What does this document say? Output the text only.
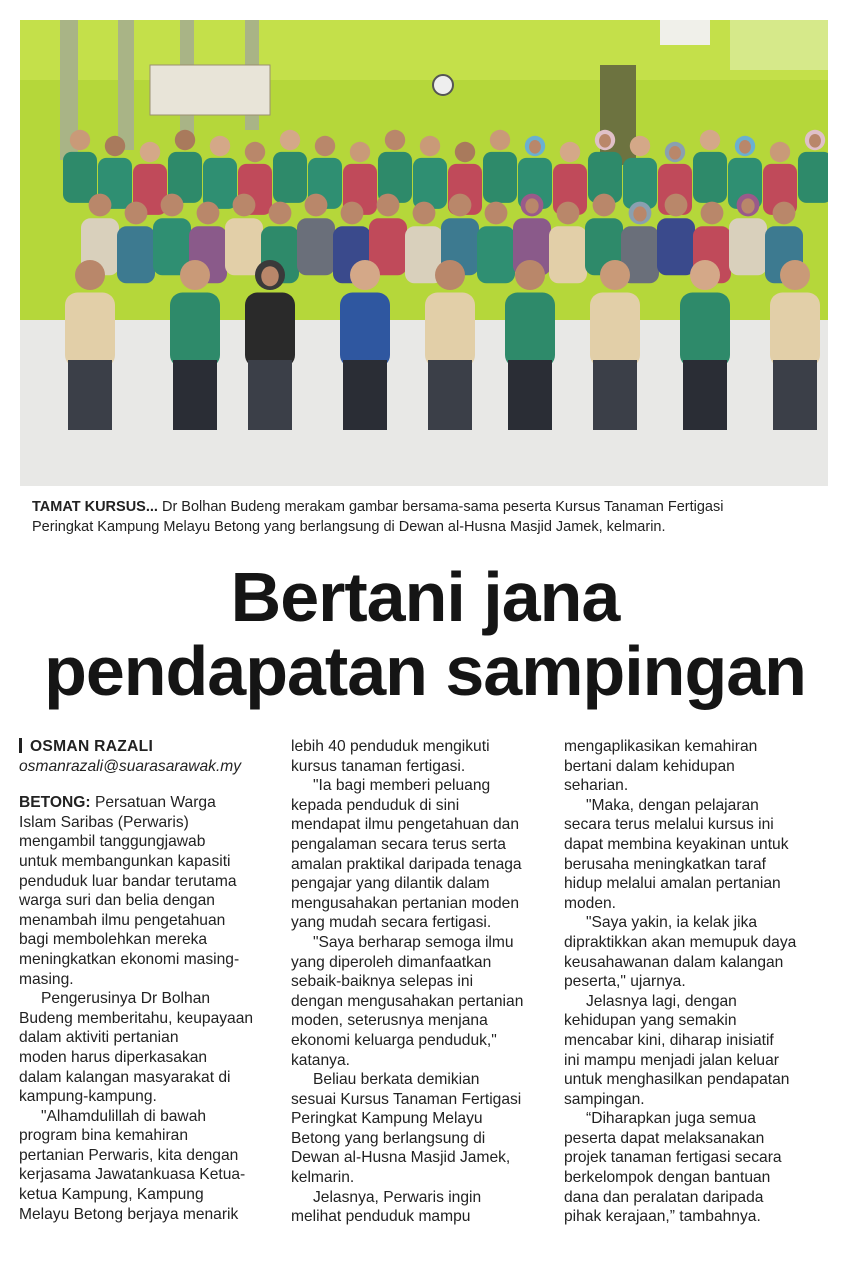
TAMAT KURSUS... Dr Bolhan Budeng merakam gambar bersama-sama peserta Kursus Tanaman Fertigasi
Peringkat Kampung Melayu Betong yang berlangsung di Dewan al-Husna Masjid Jamek, kelmarin.
Bertani jana
pendapatan sampingan
OSMAN RAZALI
osmanrazali@suarasarawak.my

BETONG: Persatuan Warga
Islam Saribas (Perwaris)
mengambil tanggungjawab
untuk membangunkan kapasiti
penduduk luar bandar terutama
warga suri dan belia dengan
menambah ilmu pengetahuan
bagi membolehkan mereka
meningkatkan ekonomi masing-
masing.

Pengerusinya Dr Bolhan
Budeng memberitahu, keupayaan
dalam aktiviti pertanian
moden harus diperkasakan
dalam kalangan masyarakat di
kampung-kampung.

"Alhamdulillah di bawah
program bina kemahiran
pertanian Perwaris, kita dengan
kerjasama Jawatankuasa Ketua-
ketua Kampung, Kampung
Melayu Betong berjaya menarik

lebih 40 penduduk mengikuti
kursus tanaman fertigasi.

"Ia bagi memberi peluang
kepada penduduk di sini
mendapat ilmu pengetahuan dan
pengalaman secara terus serta
amalan praktikal daripada tenaga
pengajar yang dilantik dalam
mengusahakan pertanian moden
yang mudah secara fertigasi.

"Saya berharap semoga ilmu
yang diperoleh dimanfaatkan
sebaik-baiknya selepas ini
dengan mengusahakan pertanian
moden, seterusnya menjana
ekonomi keluarga penduduk,"
katanya.

Beliau berkata demikian
sesuai Kursus Tanaman Fertigasi
Peringkat Kampung Melayu
Betong yang berlangsung di
Dewan al-Husna Masjid Jamek,
kelmarin.

Jelasnya, Perwaris ingin
melihat penduduk mampu

mengaplikasikan kemahiran
bertani dalam kehidupan
seharian.

"Maka, dengan pelajaran
secara terus melalui kursus ini
dapat membina keyakinan untuk
berusaha meningkatkan taraf
hidup melalui amalan pertanian
moden.

"Saya yakin, ia kelak jika
dipraktikkan akan memupuk daya
keusahawanan dalam kalangan
peserta," ujarnya.

Jelasnya lagi, dengan
kehidupan yang semakin
mencabar kini, diharap inisiatif
ini mampu menjadi jalan keluar
untuk menghasilkan pendapatan
sampingan.

“Diharapkan juga semua
peserta dapat melaksanakan
projek tanaman fertigasi secara
berkelompok dengan bantuan
dana dan peralatan daripada
pihak kerajaan,” tambahnya.
